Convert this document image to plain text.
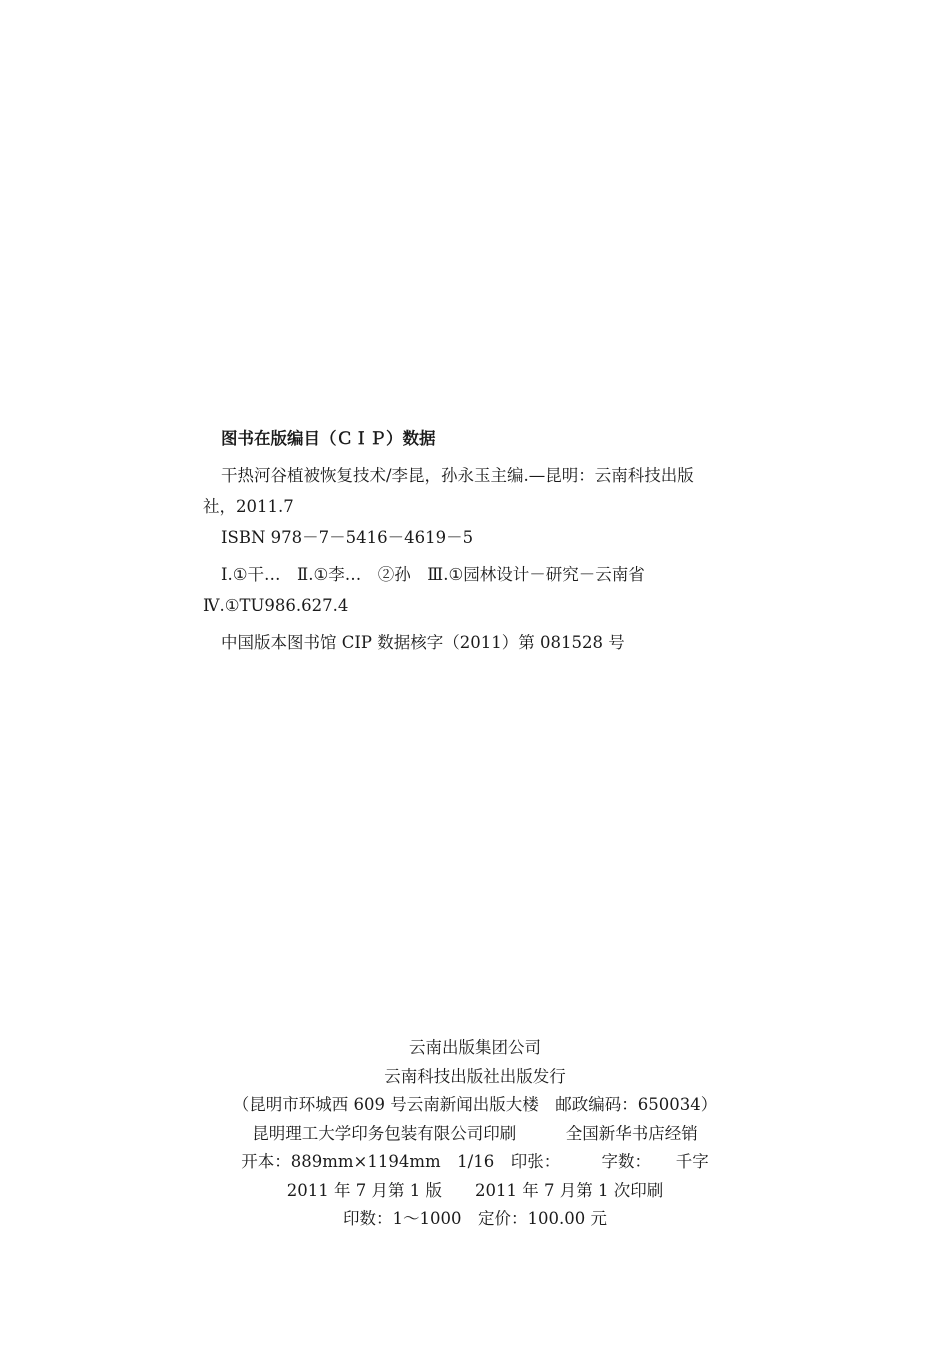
图书在版编目（ＣＩＰ）数据

干热河谷植被恢复技术/李昆，孙永玉主编.—昆明：云南科技出版社，2011.7

ISBN 978－7－5416－4619－5

Ⅰ.①干…　Ⅱ.①李…　②孙　Ⅲ.①园林设计－研究－云南省　Ⅳ.①TU986.627.4

中国版本图书馆 CIP 数据核字（2011）第 081528 号

云南出版集团公司

云南科技出版社出版发行

（昆明市环城西 609 号云南新闻出版大楼　邮政编码：650034）

昆明理工大学印务包装有限公司印刷　　　全国新华书店经销

开本：889mm×1194mm　1/16　印张：　　　字数：　　千字

2011 年 7 月第 1 版　　2011 年 7 月第 1 次印刷

印数：1～1000　定价：100.00 元
